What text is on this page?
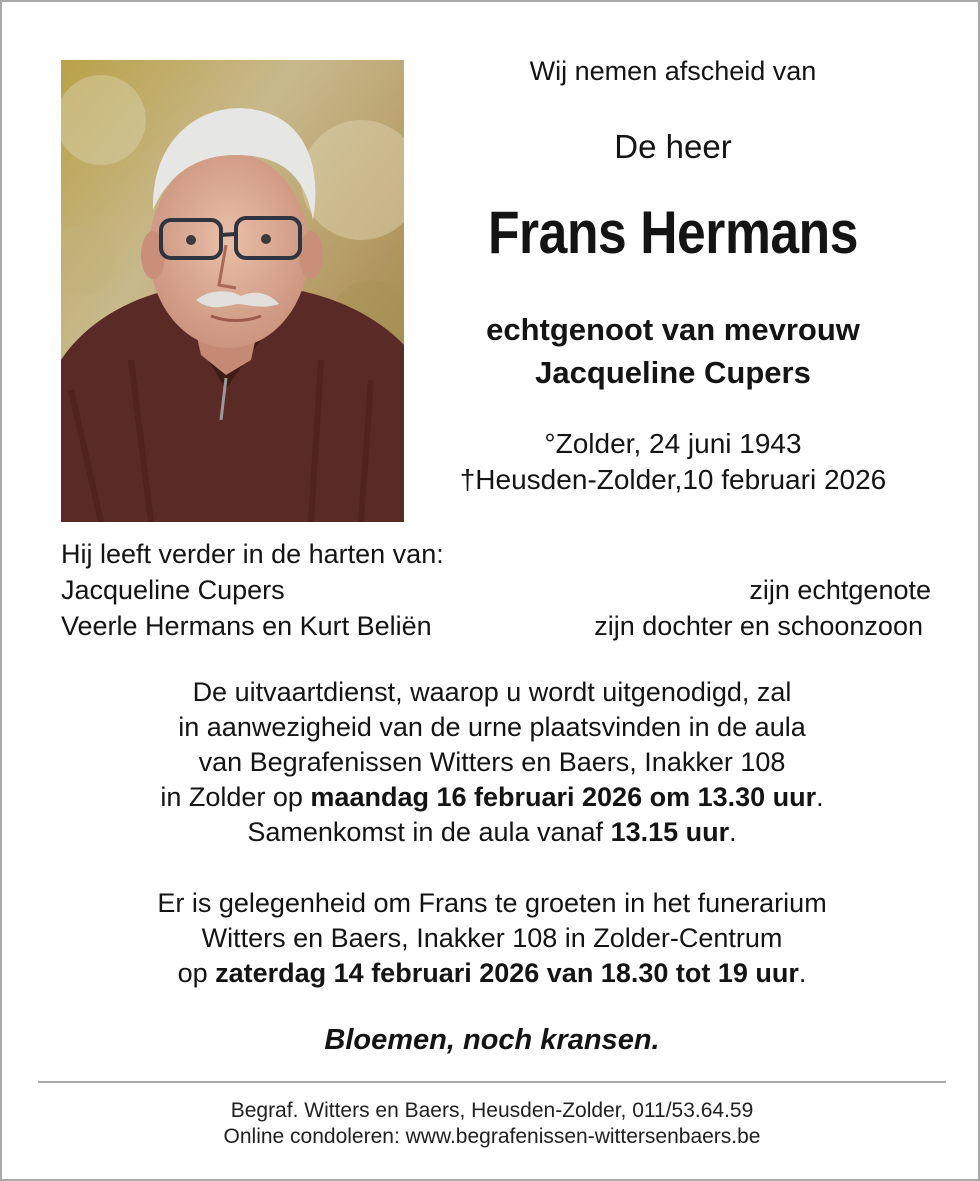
Wij nemen afscheid van
De heer
Frans Hermans
echtgenoot van mevrouw
Jacqueline Cupers
°Zolder, 24 juni 1943
†Heusden-Zolder,10 februari 2026
Hij leeft verder in de harten van:
Jacqueline Cupers	zijn echtgenote
Veerle Hermans en Kurt Beliën	zijn dochter en schoonzoon
De uitvaartdienst, waarop u wordt uitgenodigd, zal
in aanwezigheid van de urne plaatsvinden in de aula
van Begrafenissen Witters en Baers, Inakker 108
in Zolder op maandag 16 februari 2026 om 13.30 uur.
Samenkomst in de aula vanaf 13.15 uur.
Er is gelegenheid om Frans te groeten in het funerarium
Witters en Baers, Inakker 108 in Zolder-Centrum
op zaterdag 14 februari 2026 van 18.30 tot 19 uur.
Bloemen, noch kransen.
Begraf. Witters en Baers, Heusden-Zolder, 011/53.64.59
Online condoleren: www.begrafenissen-wittersenbaers.be
